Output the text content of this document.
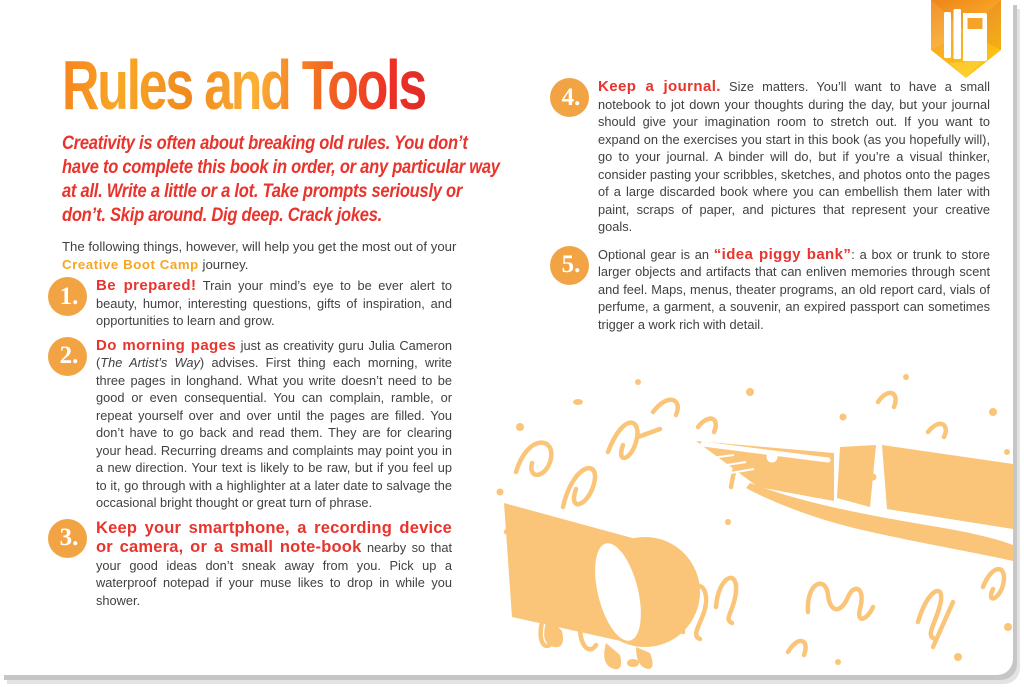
Rules and Tools

Creativity is often about breaking old rules. You don’t have to complete this book in order, or any particular way at all. Write a little or a lot. Take prompts seriously or don’t. Skip around. Dig deep. Crack jokes.

The following things, however, will help you get the most out of your Creative Boot Camp journey.

1. Be prepared! Train your mind’s eye to be ever alert to beauty, humor, interesting questions, gifts of inspiration, and opportunities to learn and grow.

2. Do morning pages just as creativity guru Julia Cameron (The Artist’s Way) advises. First thing each morning, write three pages in longhand. What you write doesn’t need to be good or even consequential. You can complain, ramble, or repeat yourself over and over until the pages are filled. You don’t have to go back and read them. They are for clearing your head. Recurring dreams and complaints may point you in a new direction. Your text is likely to be raw, but if you feel up to it, go through with a highlighter at a later date to salvage the occasional bright thought or great turn of phrase.

3. Keep your smartphone, a recording device or camera, or a small note-book nearby so that your good ideas don’t sneak away from you. Pick up a waterproof notepad if your muse likes to drop in while you shower.

4. Keep a journal. Size matters. You’ll want to have a small notebook to jot down your thoughts during the day, but your journal should give your imagination room to stretch out. If you want to expand on the exercises you start in this book (as you hopefully will), go to your journal. A binder will do, but if you’re a visual thinker, consider pasting your scribbles, sketches, and photos onto the pages of a large discarded book where you can embellish them later with paint, scraps of paper, and pictures that represent your creative goals.

5. Optional gear is an “idea piggy bank”: a box or trunk to store larger objects and artifacts that can enliven memories through scent and feel. Maps, menus, theater programs, an old report card, vials of perfume, a garment, a souvenir, an expired passport can sometimes trigger a work rich with detail.
